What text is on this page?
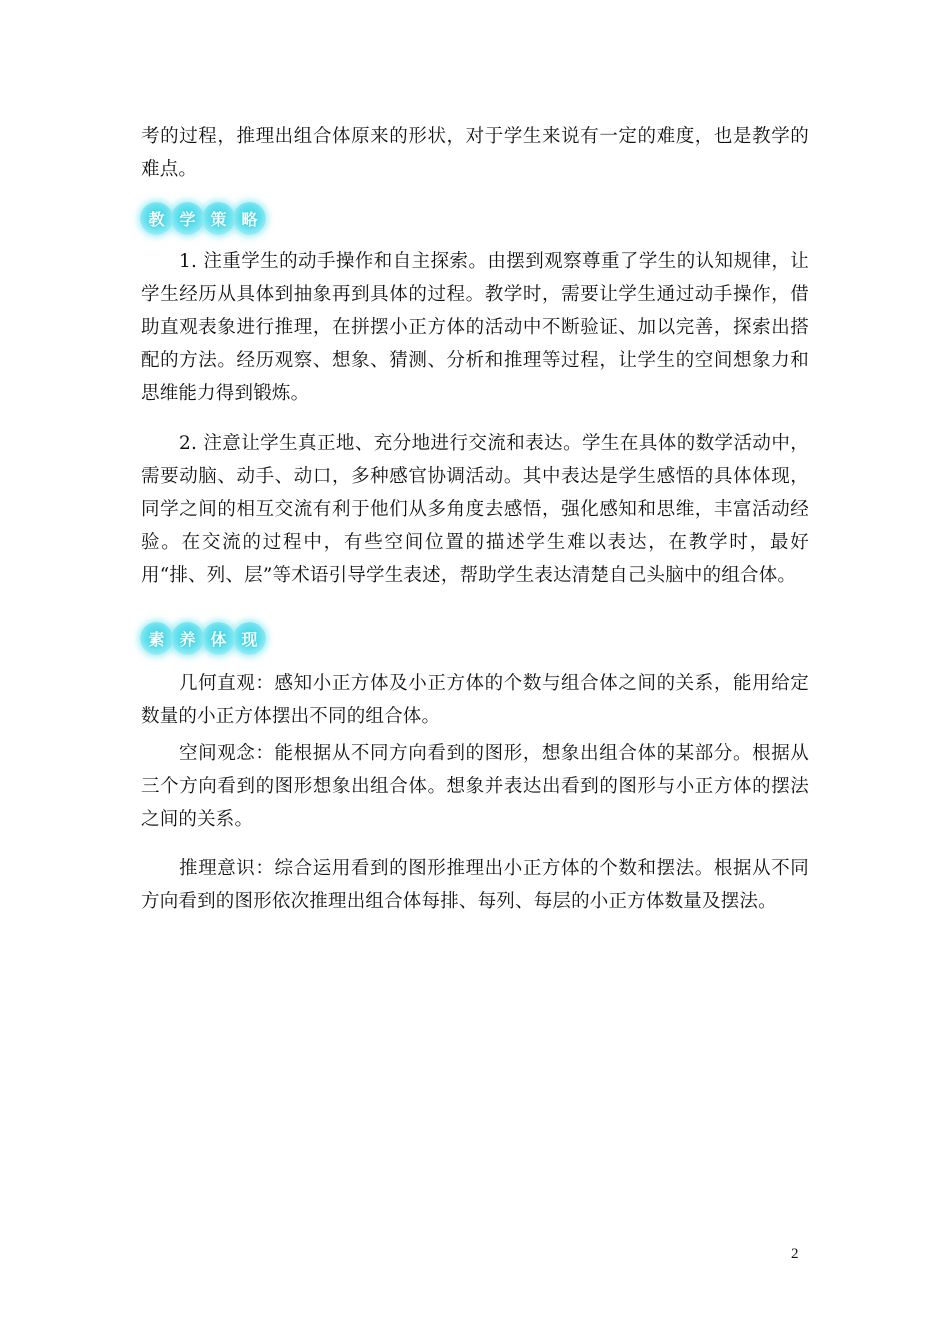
考的过程，推理出组合体原来的形状，对于学生来说有一定的难度，也是教学的难点。

教 学 策 略

1. 注重学生的动手操作和自主探索。由摆到观察尊重了学生的认知规律，让学生经历从具体到抽象再到具体的过程。教学时，需要让学生通过动手操作，借助直观表象进行推理，在拼摆小正方体的活动中不断验证、加以完善，探索出搭配的方法。经历观察、想象、猜测、分析和推理等过程，让学生的空间想象力和思维能力得到锻炼。

2. 注意让学生真正地、充分地进行交流和表达。学生在具体的数学活动中，需要动脑、动手、动口，多种感官协调活动。其中表达是学生感悟的具体体现，同学之间的相互交流有利于他们从多角度去感悟，强化感知和思维，丰富活动经验。在交流的过程中，有些空间位置的描述学生难以表达，在教学时，最好用“排、列、层”等术语引导学生表述，帮助学生表达清楚自己头脑中的组合体。

素 养 体 现

几何直观：感知小正方体及小正方体的个数与组合体之间的关系，能用给定数量的小正方体摆出不同的组合体。

空间观念：能根据从不同方向看到的图形，想象出组合体的某部分。根据从三个方向看到的图形想象出组合体。想象并表达出看到的图形与小正方体的摆法之间的关系。

推理意识：综合运用看到的图形推理出小正方体的个数和摆法。根据从不同方向看到的图形依次推理出组合体每排、每列、每层的小正方体数量及摆法。

2
